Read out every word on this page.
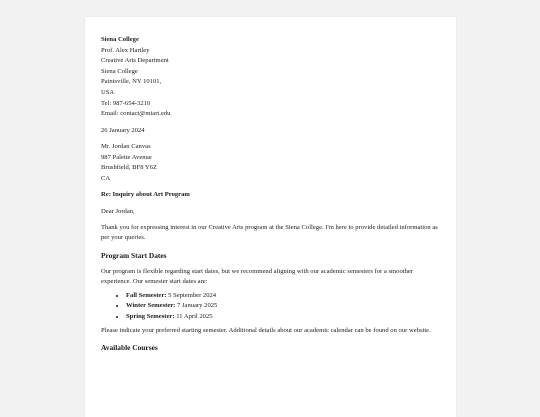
Siena College
Prof. Alex Hartley
Creative Arts Department
Siena College
Paintsville, NY 10101,
USA
Tel: 987-654-3210
Email: contact@miart.edu
26 January 2024
Mr. Jordan Canvas
987 Palette Avenue
Brushfield, BF8 Y6Z
CA
Re: Inquiry about Art Program
Dear Jordan,

Thank you for expressing interest in our Creative Arts program at the Siena College. I'm here to provide detailed information as per your queries.

Program Start Dates

Our program is flexible regarding start dates, but we recommend aligning with our academic semesters for a smoother experience. Our semester start dates are:

• Fall Semester: 5 September 2024
• Winter Semester: 7 January 2025
• Spring Semester: 11 April 2025

Please indicate your preferred starting semester. Additional details about our academic calendar can be found on our website.

Available Courses
